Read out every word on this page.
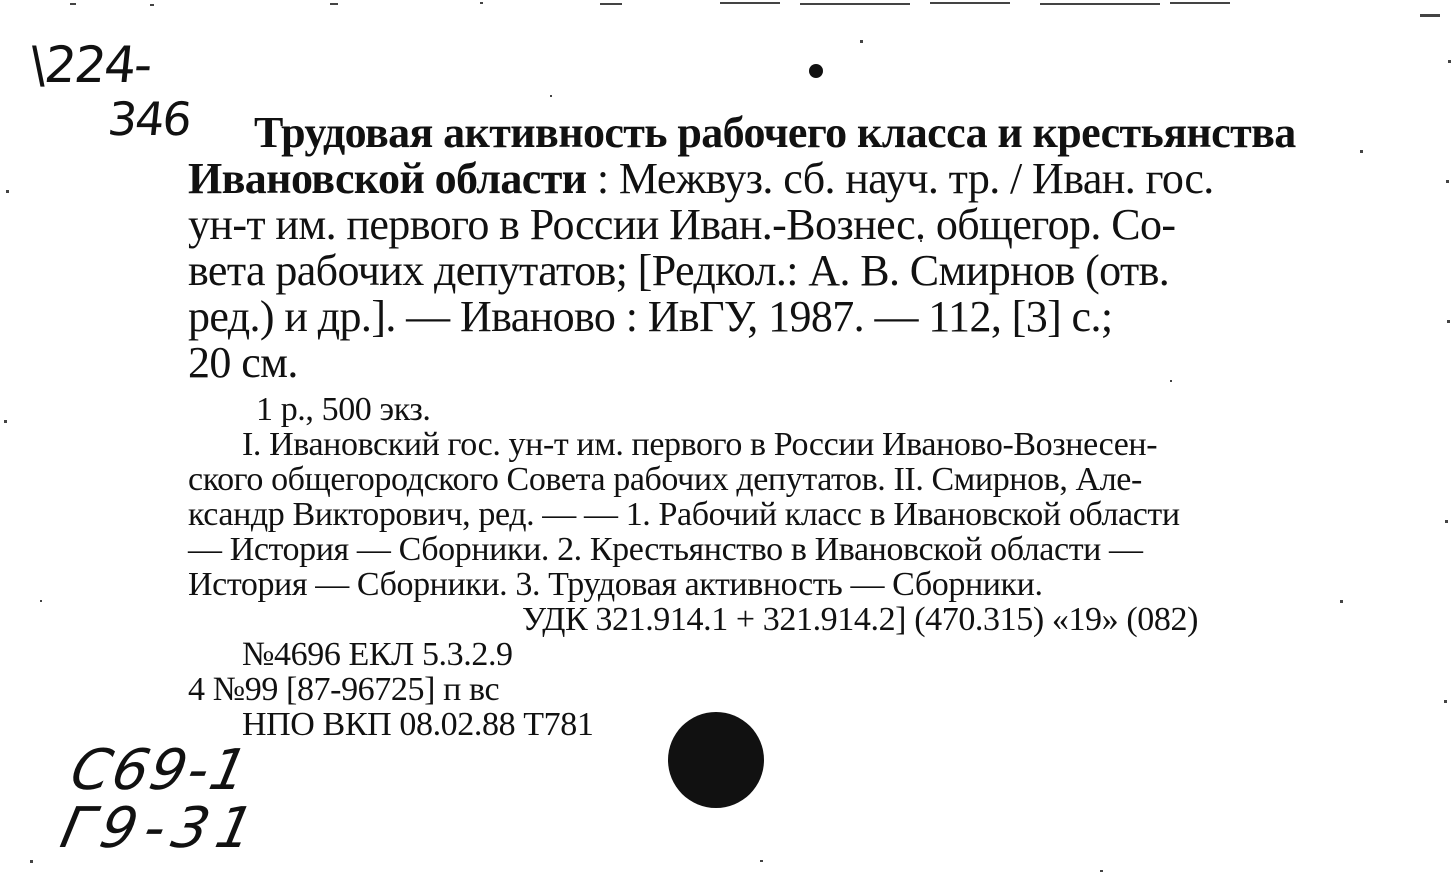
\224-
346
С69-1
Г9-31
Трудовая активность рабочего класса и крестьянства
Ивановской области : Межвуз. сб. науч. тр. / Иван. гос.
ун-т им. первого в России Иван.-Вознес. общегор. Со-
вета рабочих депутатов; [Редкол.: А. В. Смирнов (отв.
ред.) и др.]. — Иваново : ИвГУ, 1987. — 112, [3] с.;
20 см.
1 р., 500 экз.
I. Ивановский гос. ун-т им. первого в России Иваново-Вознесен-
ского общегородского Совета рабочих депутатов. II. Смирнов, Але-
ксандр Викторович, ред. — — 1. Рабочий класс в Ивановской области
— История — Сборники. 2. Крестьянство в Ивановской области —
История — Сборники. 3. Трудовая активность — Сборники.
УДК 321.914.1 + 321.914.2] (470.315) «19» (082)
№4696 ЕКЛ 5.3.2.9
4 №99 [87-96725] п вс
НПО ВКП 08.02.88 Т781
